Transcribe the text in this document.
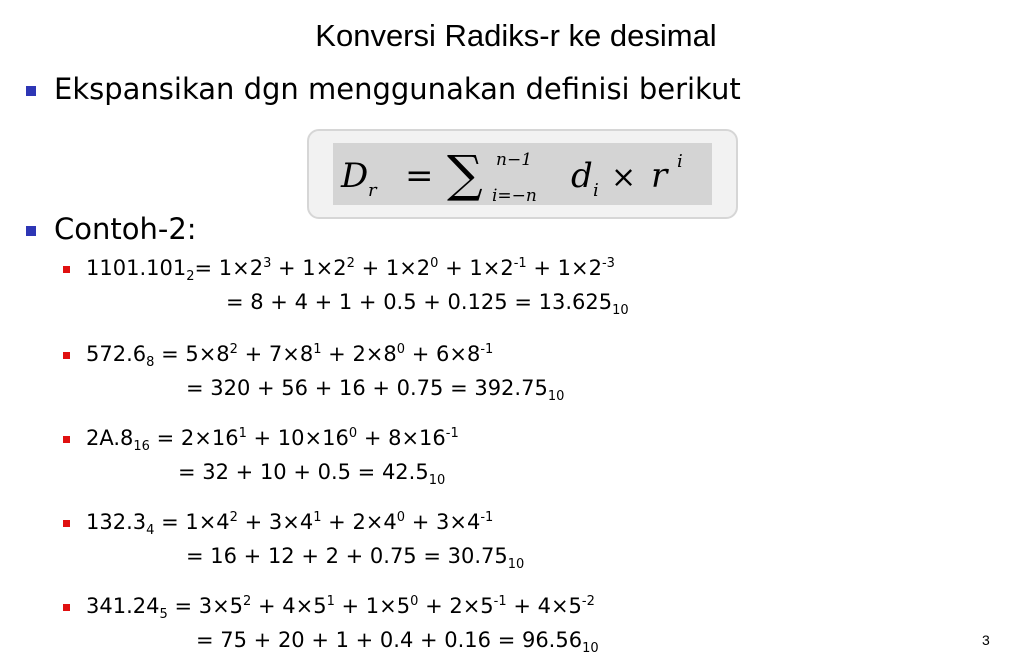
Konversi Radiks-r ke desimal
Ekspansikan dgn menggunakan definisi berikut
D r = ∑ n−1
i=−n d i × r i
Contoh-2:
$1101.101_2= 1\times 2^3 + 1\times 2^2 + 1\times 2^0 + 1\times 2^{-1} + 1\times 2^{-3}$
= $8 + 4 + 1 + 0.5 + 0.125 = 13.625_{10}$
$572.6_8 = 5\times 8^2 + 7\times 8^1 + 2\times 8^0 + 6\times 8^{-1}$
= $320 + 56 + 16 + 0.75 = 392.75_{10}$
$2A.8_{16} = 2\times 16^1 + 10\times 16^0 + 8\times 16^{-1}$
= $32 + 10 + 0.5 = 42.5_{10}$
$132.3_4 = 1\times 4^2 + 3\times 4^1 + 2\times 4^0 + 3\times 4^{-1}$
= $16 + 12 + 2 + 0.75 = 30.75_{10}$
$341.24_5 = 3\times 5^2 + 4\times 5^1 + 1\times 5^0 + 2\times 5^{-1} + 4\times 5^{-2}$
= $75 + 20 + 1 + 0.4 + 0.16 = 96.56_{10}$
3
